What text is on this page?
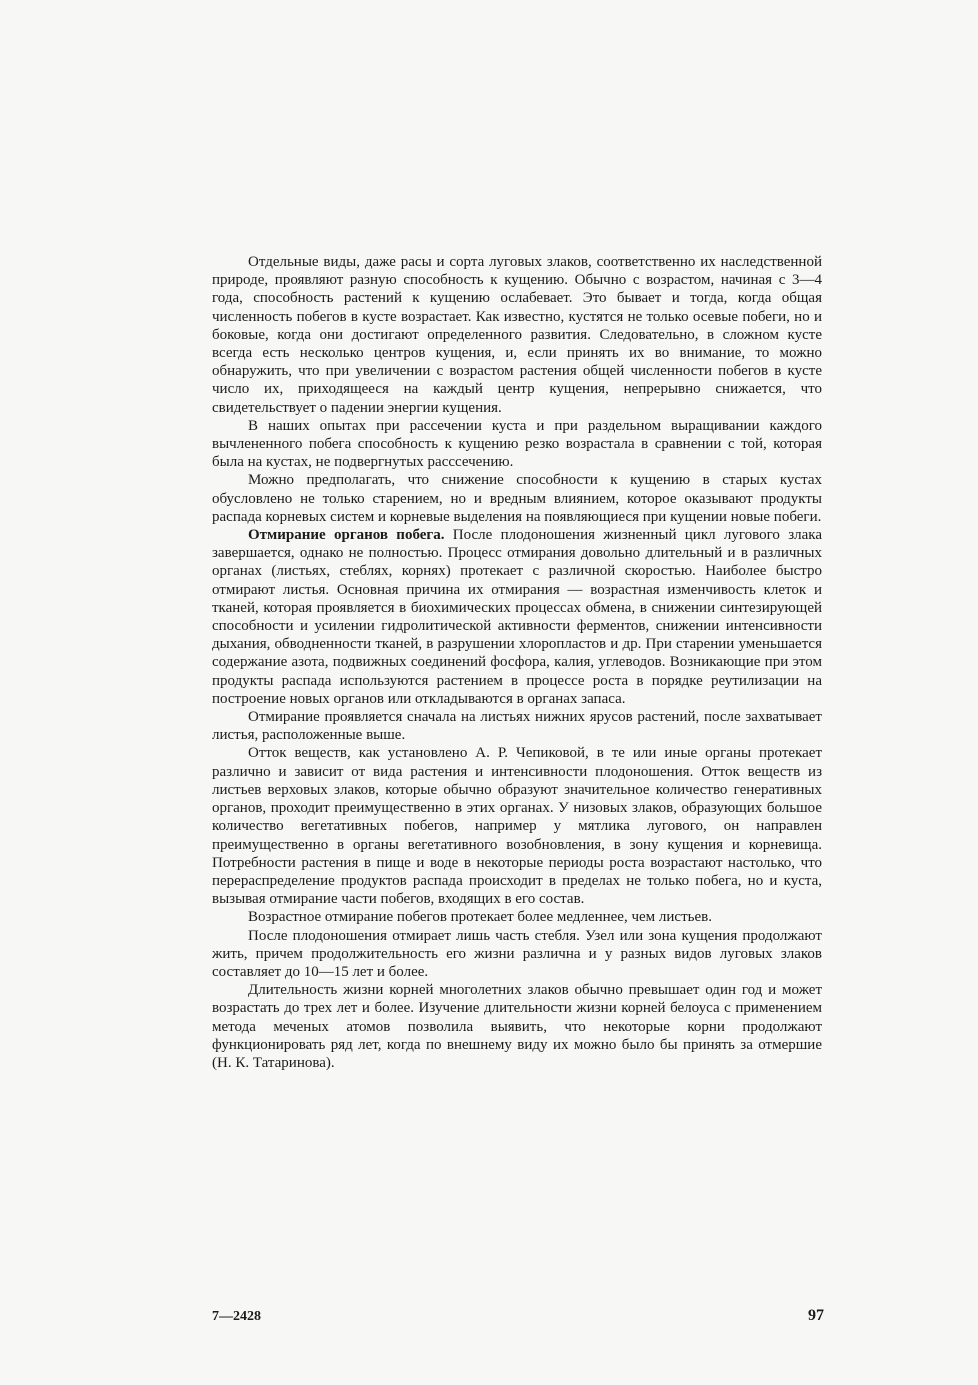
Отдельные виды, даже расы и сорта луговых злаков, соответственно их наследственной природе, проявляют разную способность к кущению. Обычно с возрастом, начиная с 3—4 года, способность растений к кущению ослабевает. Это бывает и тогда, когда общая численность побегов в кусте возрастает. Как известно, кустятся не только осевые побеги, но и боковые, когда они достигают определенного развития. Следовательно, в сложном кусте всегда есть несколько центров кущения, и, если принять их во внимание, то можно обнаружить, что при увеличении с возрастом растения общей численности побегов в кусте число их, приходящееся на каждый центр кущения, непрерывно снижается, что свидетельствует о падении энергии кущения.

В наших опытах при рассечении куста и при раздельном выращивании каждого вычлененного побега способность к кущению резко возрастала в сравнении с той, которая была на кустах, не подвергнутых расссечению.

Можно предполагать, что снижение способности к кущению в старых кустах обусловлено не только старением, но и вредным влиянием, которое оказывают продукты распада корневых систем и корневые выделения на появляющиеся при кущении новые побеги.

Отмирание органов побега. После плодоношения жизненный цикл лугового злака завершается, однако не полностью. Процесс отмирания довольно длительный и в различных органах (листьях, стеблях, корнях) протекает с различной скоростью. Наиболее быстро отмирают листья. Основная причина их отмирания — возрастная изменчивость клеток и тканей, которая проявляется в биохимических процессах обмена, в снижении синтезирующей способности и усилении гидролитической активности ферментов, снижении интенсивности дыхания, обводненности тканей, в разрушении хлоропластов и др. При старении уменьшается содержание азота, подвижных соединений фосфора, калия, углеводов. Возникающие при этом продукты распада используются растением в процессе роста в порядке реутилизации на построение новых органов или откладываются в органах запаса.

Отмирание проявляется сначала на листьях нижних ярусов растений, после захватывает листья, расположенные выше.

Отток веществ, как установлено А. Р. Чепиковой, в те или иные органы протекает различно и зависит от вида растения и интенсивности плодоношения. Отток веществ из листьев верховых злаков, которые обычно образуют значительное количество генеративных органов, проходит преимущественно в этих органах. У низовых злаков, образующих большое количество вегетативных побегов, например у мятлика лугового, он направлен преимущественно в органы вегетативного возобновления, в зону кущения и корневища. Потребности растения в пище и воде в некоторые периоды роста возрастают настолько, что перераспределение продуктов распада происходит в пределах не только побега, но и куста, вызывая отмирание части побегов, входящих в его состав.

Возрастное отмирание побегов протекает более медленнее, чем листьев.

После плодоношения отмирает лишь часть стебля. Узел или зона кущения продолжают жить, причем продолжительность его жизни различна и у разных видов луговых злаков составляет до 10—15 лет и более.

Длительность жизни корней многолетних злаков обычно превышает один год и может возрастать до трех лет и более. Изучение длительности жизни корней белоуса с применением метода меченых атомов позволила выявить, что некоторые корни продолжают функционировать ряд лет, когда по внешнему виду их можно было бы принять за отмершие (Н. К. Татаринова).

7—2428	97
